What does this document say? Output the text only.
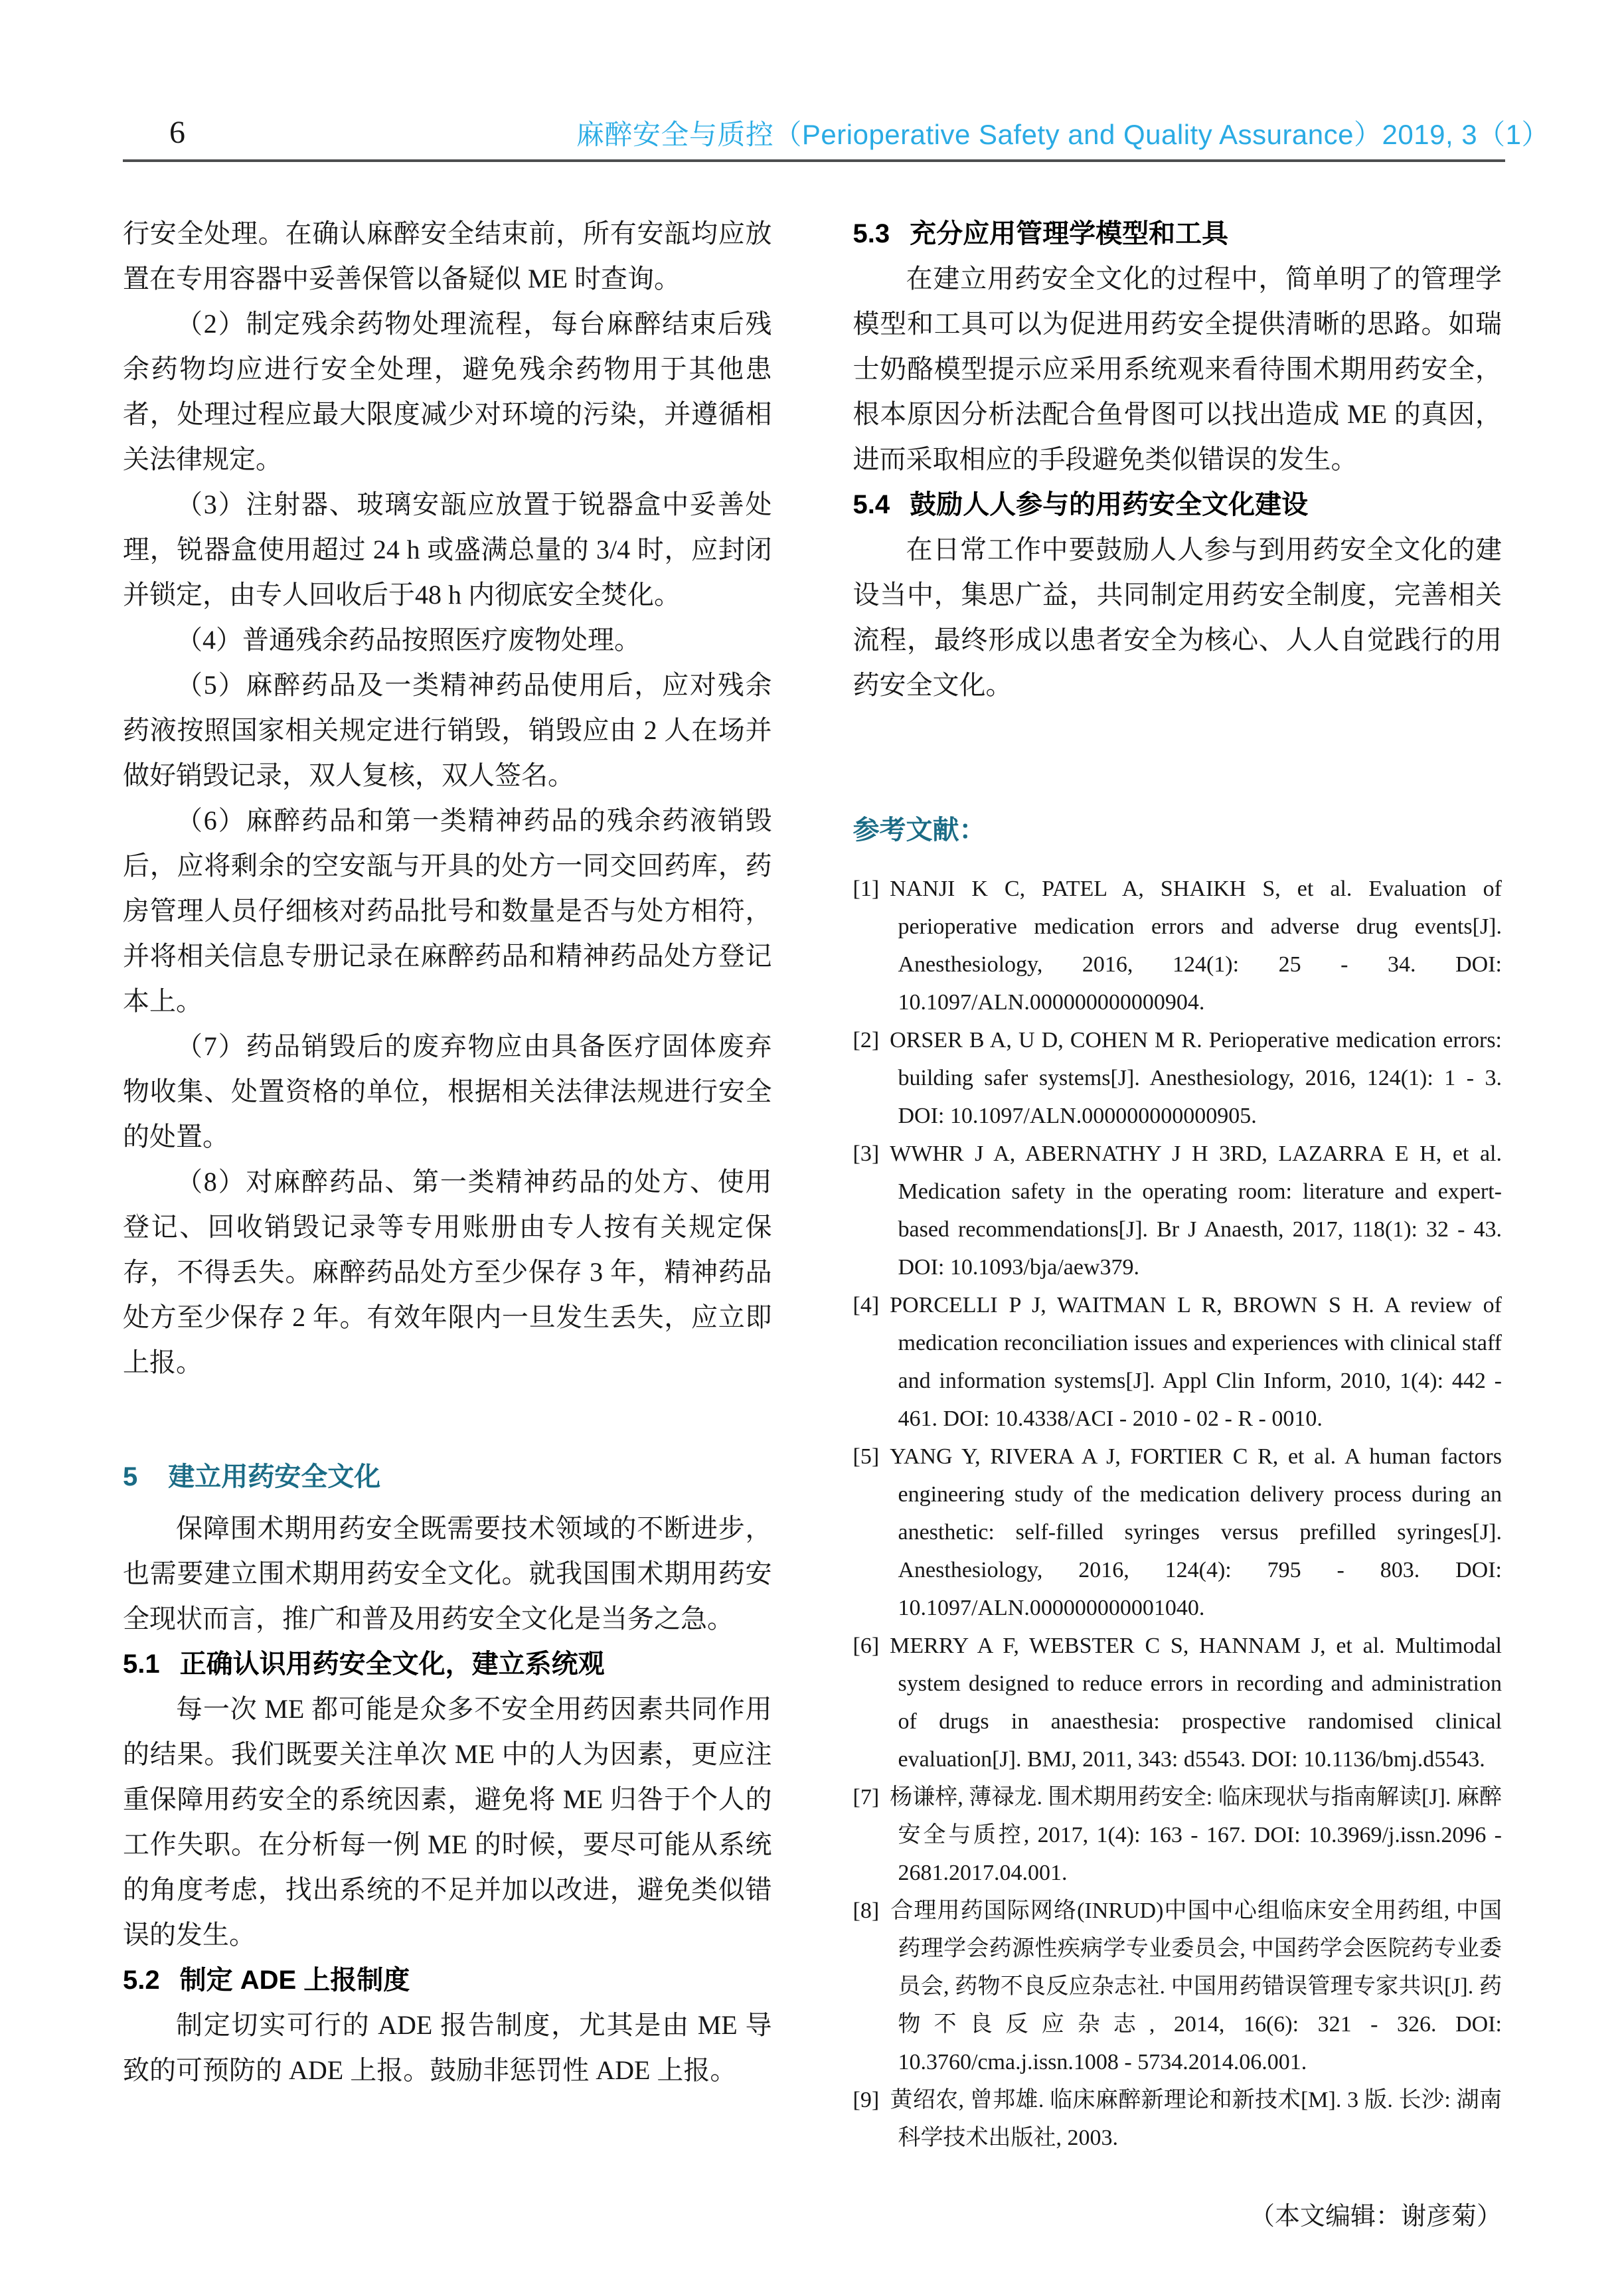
6	麻醉安全与质控（Perioperative Safety and Quality Assurance）2019, 3（1）
行安全处理。在确认麻醉安全结束前，所有安瓿均应放置在专用容器中妥善保管以备疑似 ME 时查询。
（2）制定残余药物处理流程，每台麻醉结束后残余药物均应进行安全处理，避免残余药物用于其他患者，处理过程应最大限度减少对环境的污染，并遵循相关法律规定。
（3）注射器、玻璃安瓿应放置于锐器盒中妥善处理，锐器盒使用超过 24 h 或盛满总量的 3/4 时，应封闭并锁定，由专人回收后于48 h 内彻底安全焚化。
（4）普通残余药品按照医疗废物处理。
（5）麻醉药品及一类精神药品使用后，应对残余药液按照国家相关规定进行销毁，销毁应由 2 人在场并做好销毁记录，双人复核，双人签名。
（6）麻醉药品和第一类精神药品的残余药液销毁后，应将剩余的空安瓿与开具的处方一同交回药库，药房管理人员仔细核对药品批号和数量是否与处方相符，并将相关信息专册记录在麻醉药品和精神药品处方登记本上。
（7）药品销毁后的废弃物应由具备医疗固体废弃物收集、处置资格的单位，根据相关法律法规进行安全的处置。
（8）对麻醉药品、第一类精神药品的处方、使用登记、回收销毁记录等专用账册由专人按有关规定保存，不得丢失。麻醉药品处方至少保存 3 年，精神药品处方至少保存 2 年。有效年限内一旦发生丢失，应立即上报。
5 建立用药安全文化
保障围术期用药安全既需要技术领域的不断进步，也需要建立围术期用药安全文化。就我国围术期用药安全现状而言，推广和普及用药安全文化是当务之急。
5.1 正确认识用药安全文化，建立系统观
每一次 ME 都可能是众多不安全用药因素共同作用的结果。我们既要关注单次 ME 中的人为因素，更应注重保障用药安全的系统因素，避免将 ME 归咎于个人的工作失职。在分析每一例 ME 的时候，要尽可能从系统的角度考虑，找出系统的不足并加以改进，避免类似错误的发生。
5.2 制定 ADE 上报制度
制定切实可行的 ADE 报告制度，尤其是由 ME 导致的可预防的 ADE 上报。鼓励非惩罚性 ADE 上报。
5.3 充分应用管理学模型和工具
在建立用药安全文化的过程中，简单明了的管理学模型和工具可以为促进用药安全提供清晰的思路。如瑞士奶酪模型提示应采用系统观来看待围术期用药安全，根本原因分析法配合鱼骨图可以找出造成 ME 的真因，进而采取相应的手段避免类似错误的发生。
5.4 鼓励人人参与的用药安全文化建设
在日常工作中要鼓励人人参与到用药安全文化的建设当中，集思广益，共同制定用药安全制度，完善相关流程，最终形成以患者安全为核心、人人自觉践行的用药安全文化。
参考文献：
[1] NANJI K C, PATEL A, SHAIKH S, et al. Evaluation of perioperative medication errors and adverse drug events[J]. Anesthesiology, 2016, 124(1): 25 - 34. DOI: 10.1097/ALN.000000000000904.
[2] ORSER B A, U D, COHEN M R. Perioperative medication errors: building safer systems[J]. Anesthesiology, 2016, 124(1): 1 - 3. DOI: 10.1097/ALN.000000000000905.
[3] WWHR J A, ABERNATHY J H 3RD, LAZARRA E H, et al. Medication safety in the operating room: literature and expert-based recommendations[J]. Br J Anaesth, 2017, 118(1): 32 - 43. DOI: 10.1093/bja/aew379.
[4] PORCELLI P J, WAITMAN L R, BROWN S H. A review of medication reconciliation issues and experiences with clinical staff and information systems[J]. Appl Clin Inform, 2010, 1(4): 442 - 461. DOI: 10.4338/ACI - 2010 - 02 - R - 0010.
[5] YANG Y, RIVERA A J, FORTIER C R, et al. A human factors engineering study of the medication delivery process during an anesthetic: self-filled syringes versus prefilled syringes[J]. Anesthesiology, 2016, 124(4): 795 - 803. DOI: 10.1097/ALN.000000000001040.
[6] MERRY A F, WEBSTER C S, HANNAM J, et al. Multimodal system designed to reduce errors in recording and administration of drugs in anaesthesia: prospective randomised clinical evaluation[J]. BMJ, 2011, 343: d5543. DOI: 10.1136/bmj.d5543.
[7] 杨谦梓, 薄禄龙. 围术期用药安全: 临床现状与指南解读[J]. 麻醉安全与质控, 2017, 1(4): 163 - 167. DOI: 10.3969/j.issn.2096 - 2681.2017.04.001.
[8] 合理用药国际网络(INRUD)中国中心组临床安全用药组, 中国药理学会药源性疾病学专业委员会, 中国药学会医院药专业委员会, 药物不良反应杂志社. 中国用药错误管理专家共识[J]. 药物不良反应杂志, 2014, 16(6): 321 - 326. DOI: 10.3760/cma.j.issn.1008 - 5734.2014.06.001.
[9] 黄绍农, 曾邦雄. 临床麻醉新理论和新技术[M]. 3 版. 长沙: 湖南科学技术出版社, 2003.
（本文编辑：谢彦菊）
